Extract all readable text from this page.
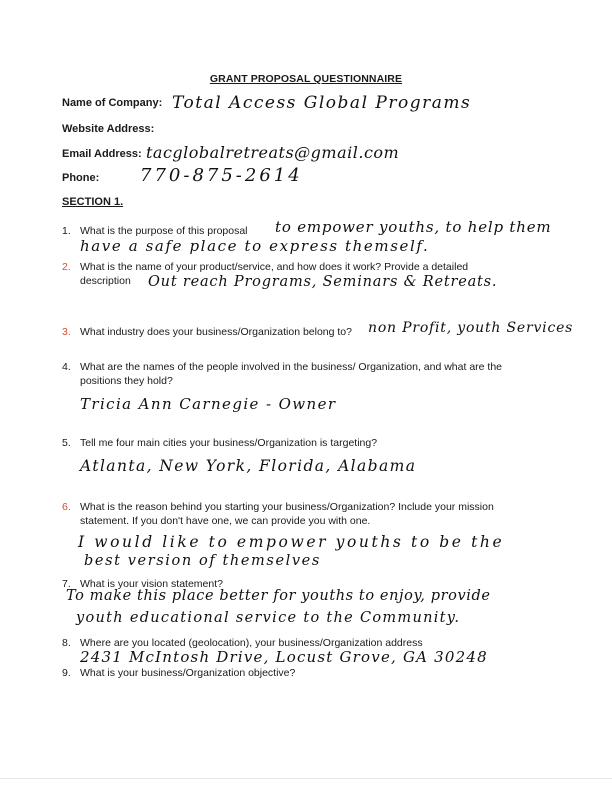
GRANT PROPOSAL QUESTIONNAIRE
Name of Company: Total Access Global Programs
Website Address:
Email Address: tacglobalretreats@gmail.com
Phone: 770-875-2614
SECTION 1.
1. What is the purpose of this proposal to empower youths, to help them
have a safe place to express themself.
2. What is the name of your product/service, and how does it work? Provide a detailed
description	Out reach Programs, Seminars & Retreats.
3. What industry does your business/Organization belong to? non Profit, youth Services
4. What are the names of the people involved in the business/ Organization, and what are the
positions they hold?
Tricia Ann Carnegie - Owner
5. Tell me four main cities your business/Organization is targeting?
Atlanta, New York, Florida, Alabama
6. What is the reason behind you starting your business/Organization? Include your mission
statement. If you don't have one, we can provide you with one.
I would like to empower youths to be the
best version of themselves
7. What is your vision statement?
To make this place better for youths to enjoy, provide
youth educational service to the Community.
8. Where are you located (geolocation), your business/Organization address
2431 McIntosh Drive, Locust Grove, GA 30248
9. What is your business/Organization objective?
